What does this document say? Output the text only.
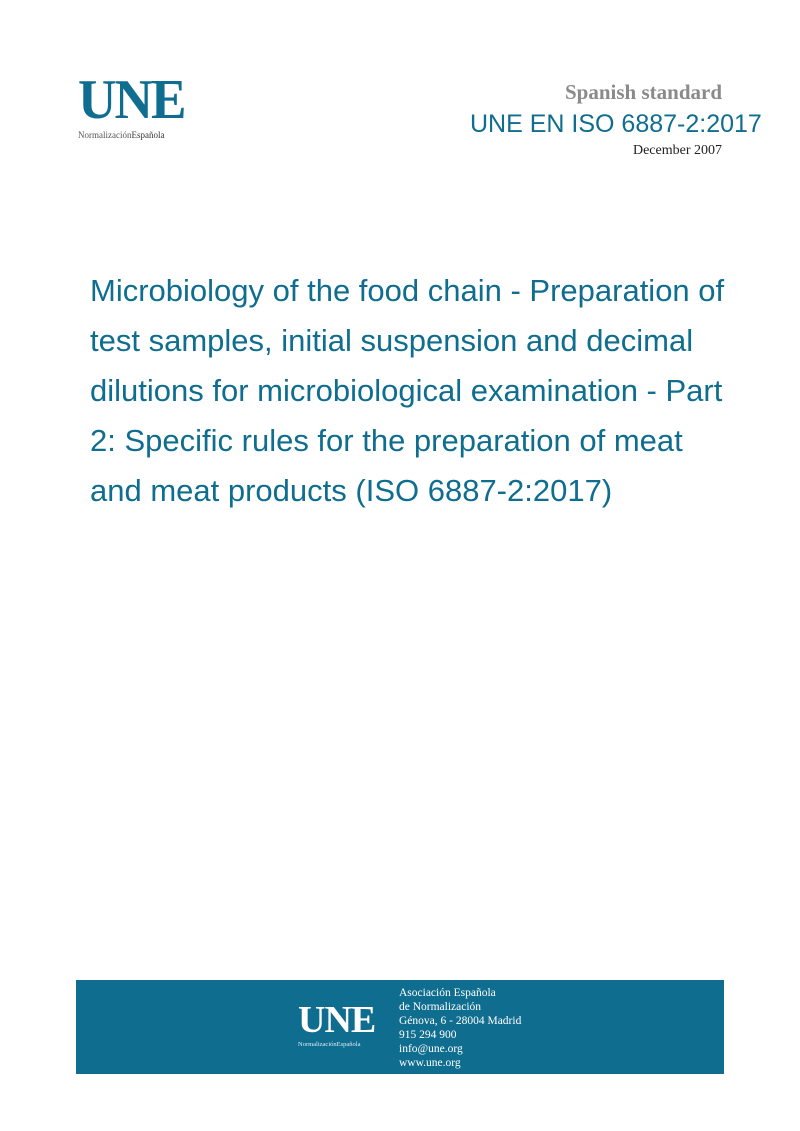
UNE
NormalizaciónEspañola
Spanish standard
UNE EN ISO 6887-2:2017
December 2007
Microbiology of the food chain - Preparation of
test samples, initial suspension and decimal
dilutions for microbiological examination - Part
2: Specific rules for the preparation of meat
and meat products (ISO 6887-2:2017)
UNE
NormalizaciónEspañola
Asociación Española
de Normalización
Génova, 6 - 28004 Madrid
915 294 900
info@une.org
www.une.org
